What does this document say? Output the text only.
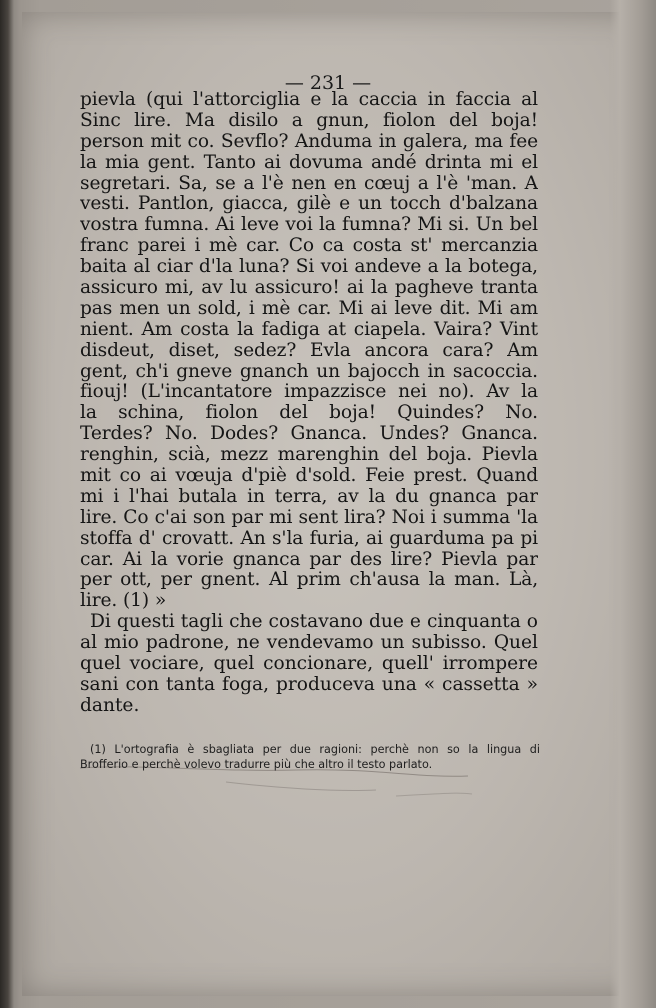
— 231 —
pievla (qui l'attorciglia e la caccia in faccia al
Sinc lire. Ma disilo a gnun, fiolon del boja!
person mit co. Sevflo? Anduma in galera, ma fee
la mia gent. Tanto ai dovuma andé drinta mi el
segretari. Sa, se a l'è nen en cœuj a l'è 'man. A
vesti. Pantlon, giacca, gilè e un tocch d'balzana
vostra fumna. Ai leve voi la fumna? Mi si. Un bel
franc parei i mè car. Co ca costa st' mercanzia
baita al ciar d'la luna? Si voi andeve a la botega,
assicuro mi, av lu assicuro! ai la pagheve tranta
pas men un sold, i mè car. Mi ai leve dit. Mi am
nient. Am costa la fadiga at ciapela. Vaira? Vint
disdeut, diset, sedez? Evla ancora cara? Am
gent, ch'i gneve gnanch un bajocch in sacoccia.
fiouj! (L'incantatore impazzisce nei no). Av la
la schina, fiolon del boja! Quindes? No.
Terdes? No. Dodes? Gnanca. Undes? Gnanca.
renghin, scià, mezz marenghin del boja. Pievla
mit co ai vœuja d'piè d'sold. Feie prest. Quand
mi i l'hai butala in terra, av la du gnanca par
lire. Co c'ai son par mi sent lira? Noi i summa 'la
stoffa d' crovatt. An s'la furia, ai guarduma pa pi
car. Ai la vorie gnanca par des lire? Pievla par
per ott, per gnent. Al prim ch'ausa la man. Là,
lire. (1) »
Di questi tagli che costavano due e cinquanta o
al mio padrone, ne vendevamo un subisso. Quel
quel vociare, quel concionare, quell' irrompere
sani con tanta foga, produceva una « cassetta »
dante.
(1) L'ortografia è sbagliata per due ragioni: perchè non so la lingua di
Brofferio e perchè volevo tradurre più che altro il testo parlato.
